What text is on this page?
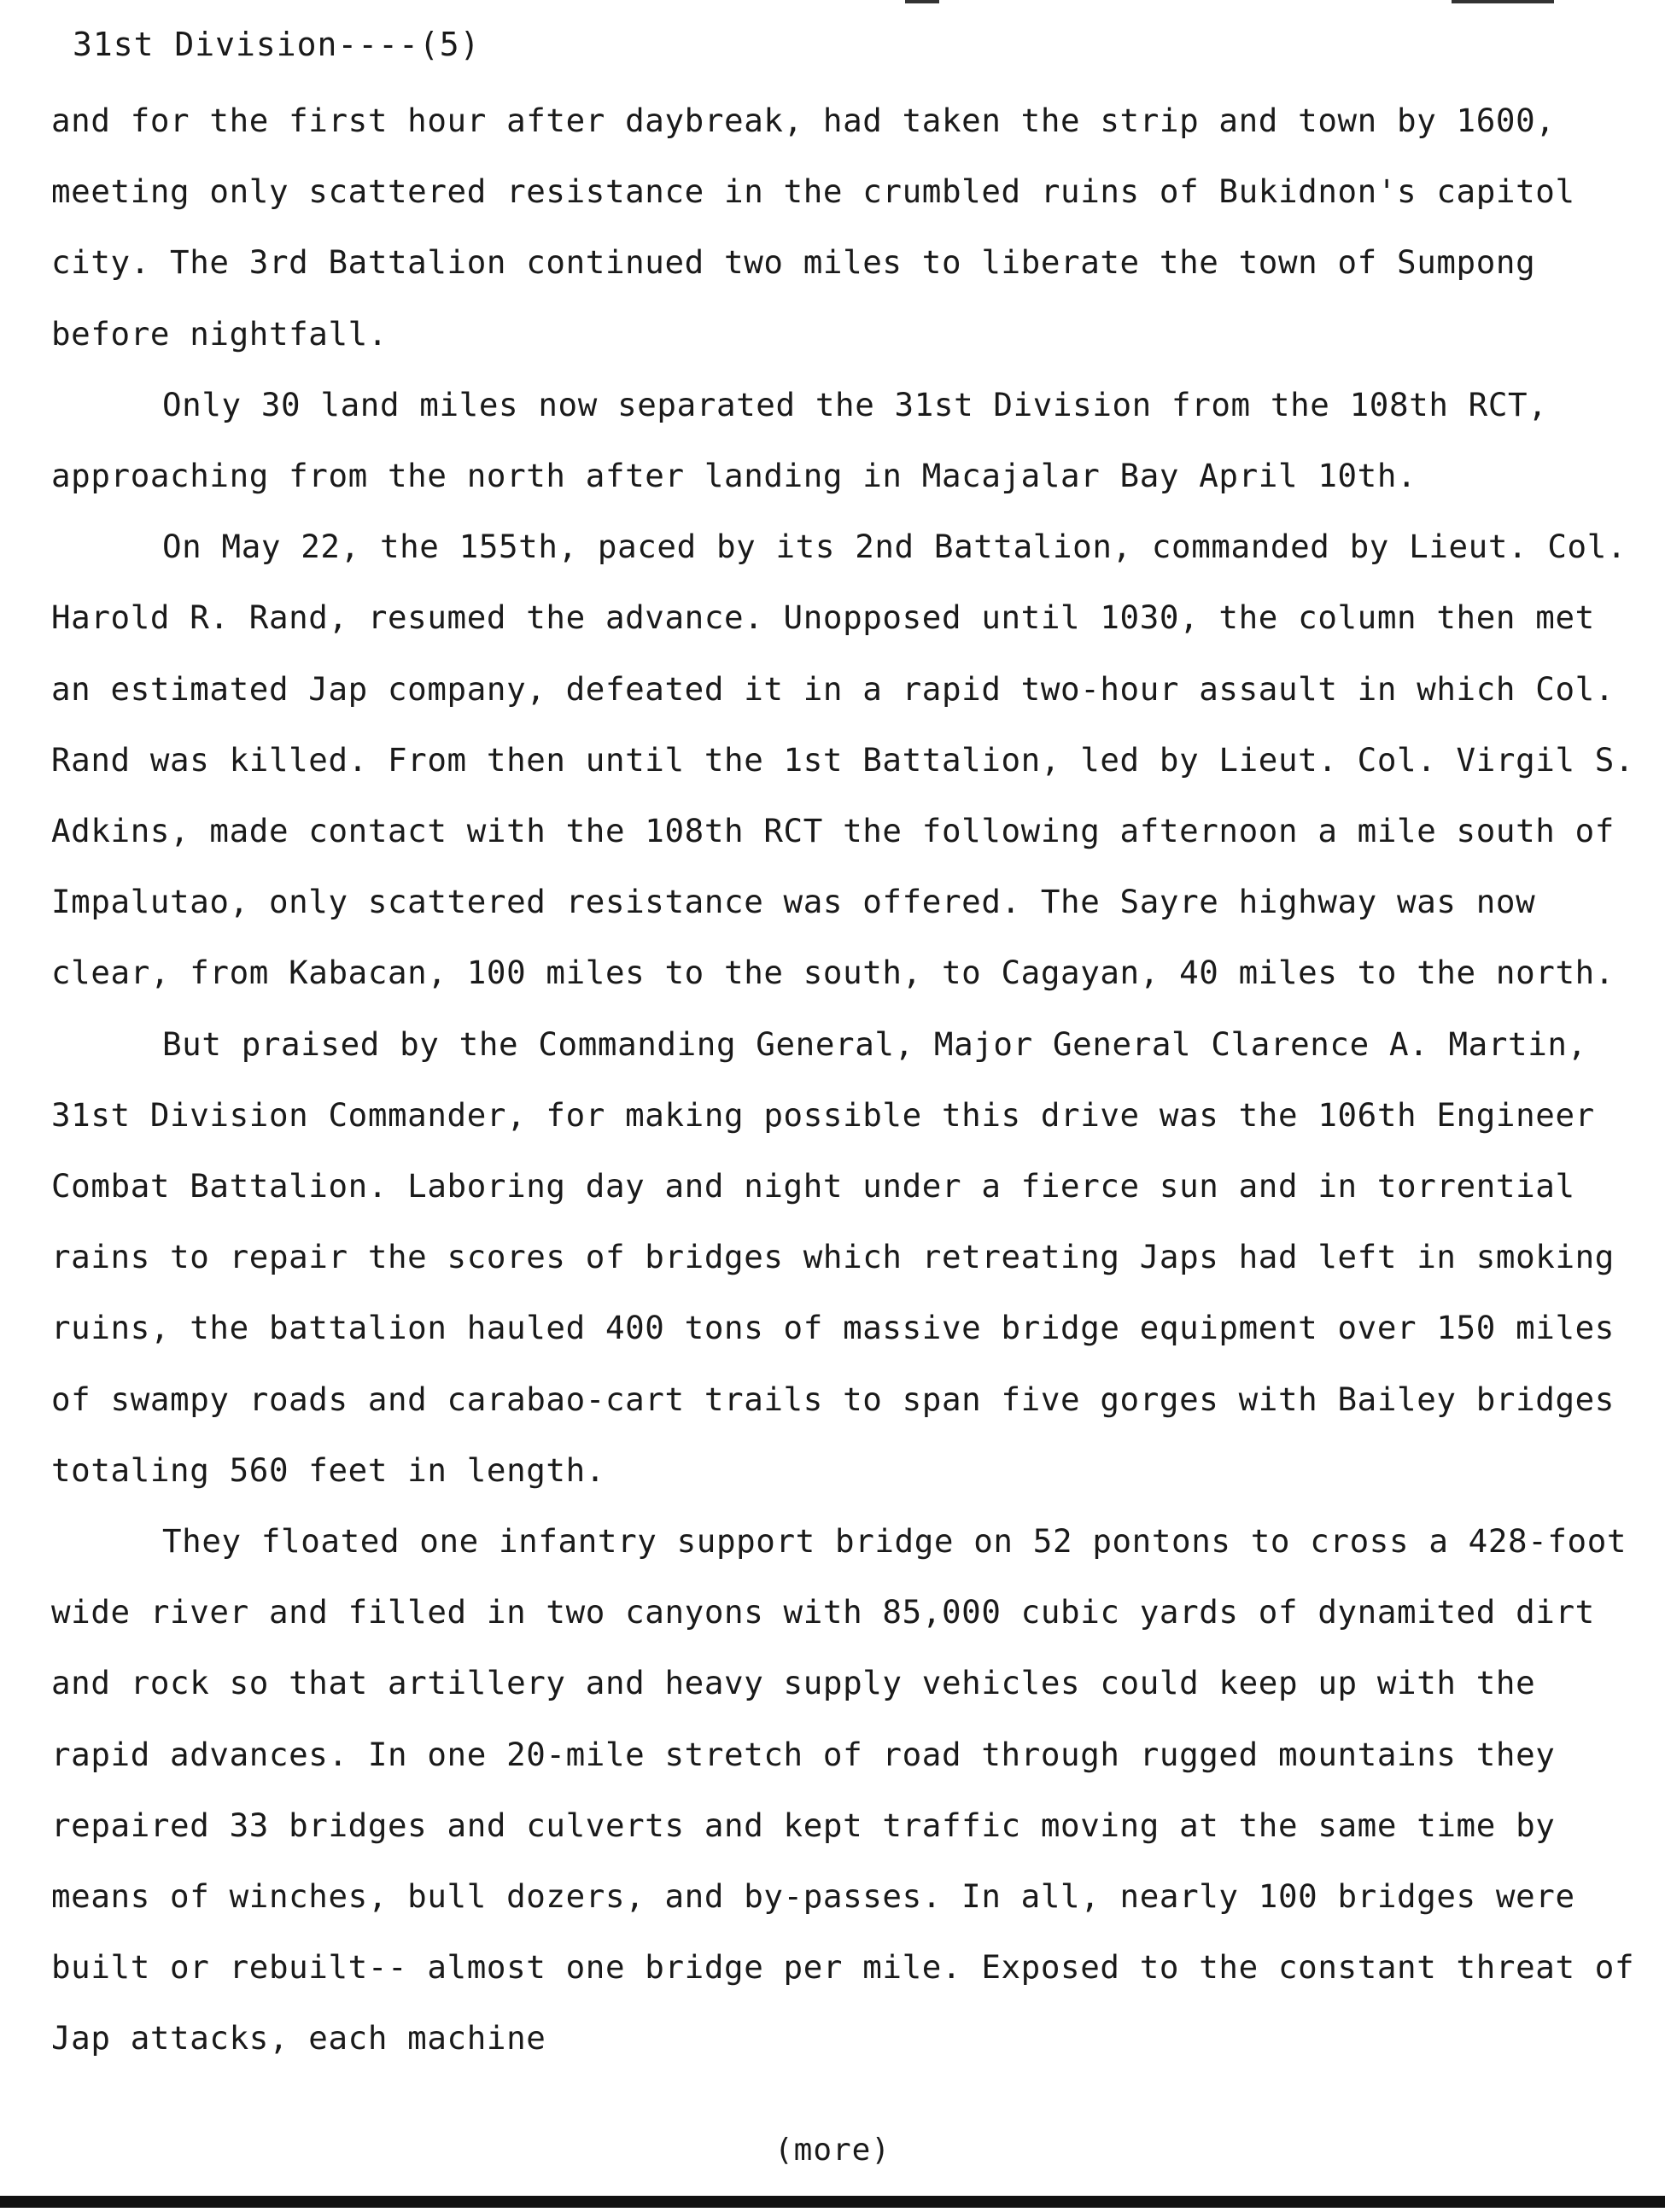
31st Division----(5)

and for the first hour after daybreak, had taken the strip and town by 1600, meeting only scattered resistance in the crumbled ruins of Bukidnon's capitol city. The 3rd Battalion continued two miles to liberate the town of Sumpong before nightfall.

Only 30 land miles now separated the 31st Division from the 108th RCT, approaching from the north after landing in Macajalar Bay April 10th.

On May 22, the 155th, paced by its 2nd Battalion, commanded by Lieut. Col. Harold R. Rand, resumed the advance. Unopposed until 1030, the column then met an estimated Jap company, defeated it in a rapid two-hour assault in which Col. Rand was killed. From then until the 1st Battalion, led by Lieut. Col. Virgil S. Adkins, made contact with the 108th RCT the following afternoon a mile south of Impalutao, only scattered resistance was offered. The Sayre highway was now clear, from Kabacan, 100 miles to the south, to Cagayan, 40 miles to the north.

But praised by the Commanding General, Major General Clarence A. Martin, 31st Division Commander, for making possible this drive was the 106th Engineer Combat Battalion. Laboring day and night under a fierce sun and in torrential rains to repair the scores of bridges which retreating Japs had left in smoking ruins, the battalion hauled 400 tons of massive bridge equipment over 150 miles of swampy roads and carabao-cart trails to span five gorges with Bailey bridges totaling 560 feet in length.

They floated one infantry support bridge on 52 pontons to cross a 428-foot wide river and filled in two canyons with 85,000 cubic yards of dynamited dirt and rock so that artillery and heavy supply vehicles could keep up with the rapid advances. In one 20-mile stretch of road through rugged mountains they repaired 33 bridges and culverts and kept traffic moving at the same time by means of winches, bull dozers, and by-passes. In all, nearly 100 bridges were built or rebuilt-- almost one bridge per mile. Exposed to the constant threat of Jap attacks, each machine

(more)
